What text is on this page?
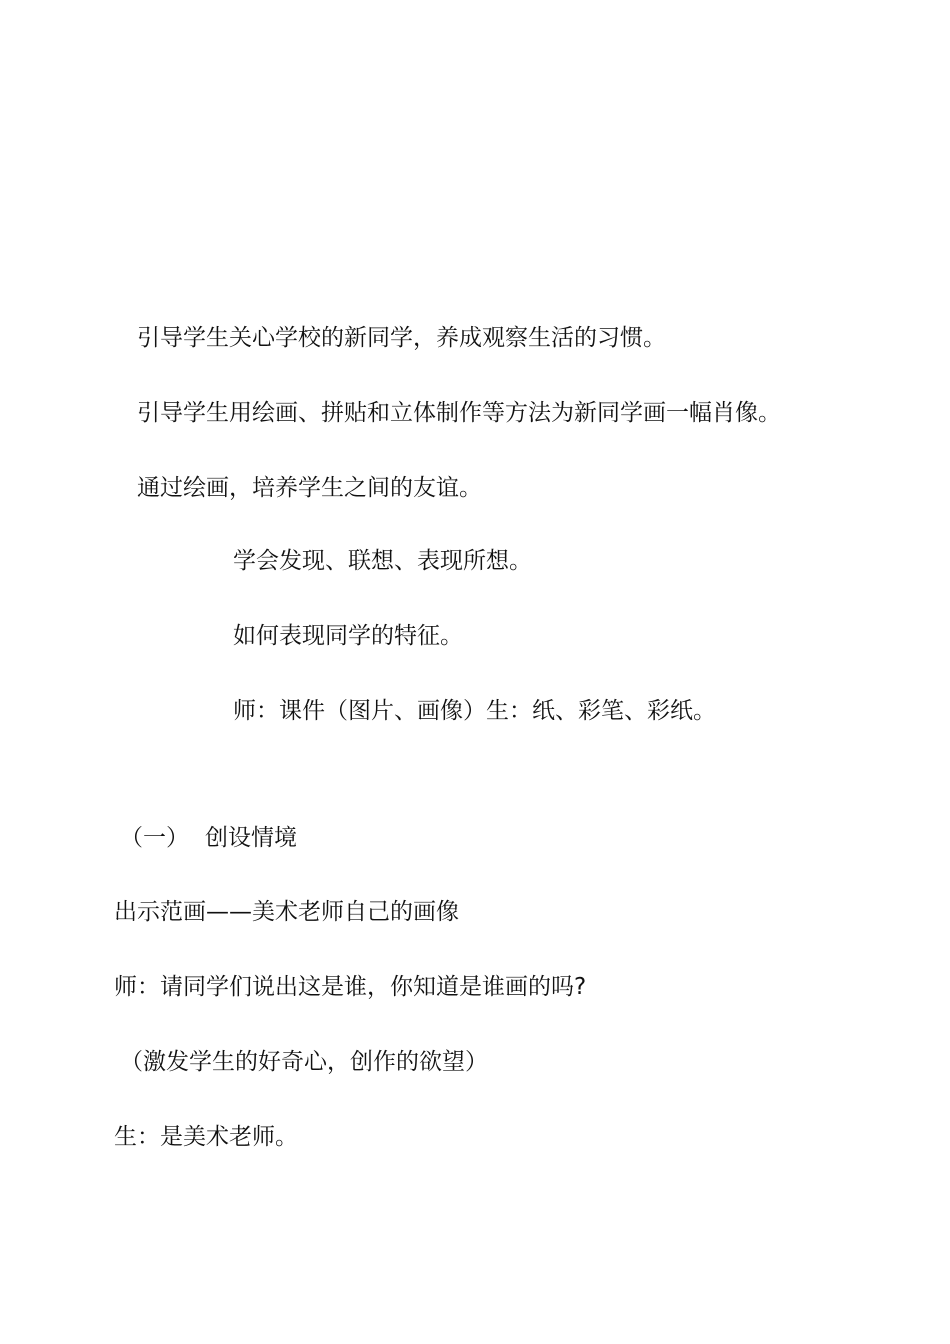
引导学生关心学校的新同学，养成观察生活的习惯。
引导学生用绘画、拼贴和立体制作等方法为新同学画一幅肖像。
通过绘画，培养学生之间的友谊。
学会发现、联想、表现所想。
如何表现同学的特征。
师：课件（图片、画像）生：纸、彩笔、彩纸。
（一） 创设情境
出示范画——美术老师自己的画像
师：请同学们说出这是谁，你知道是谁画的吗?
（激发学生的好奇心，创作的欲望）
生：是美术老师。
